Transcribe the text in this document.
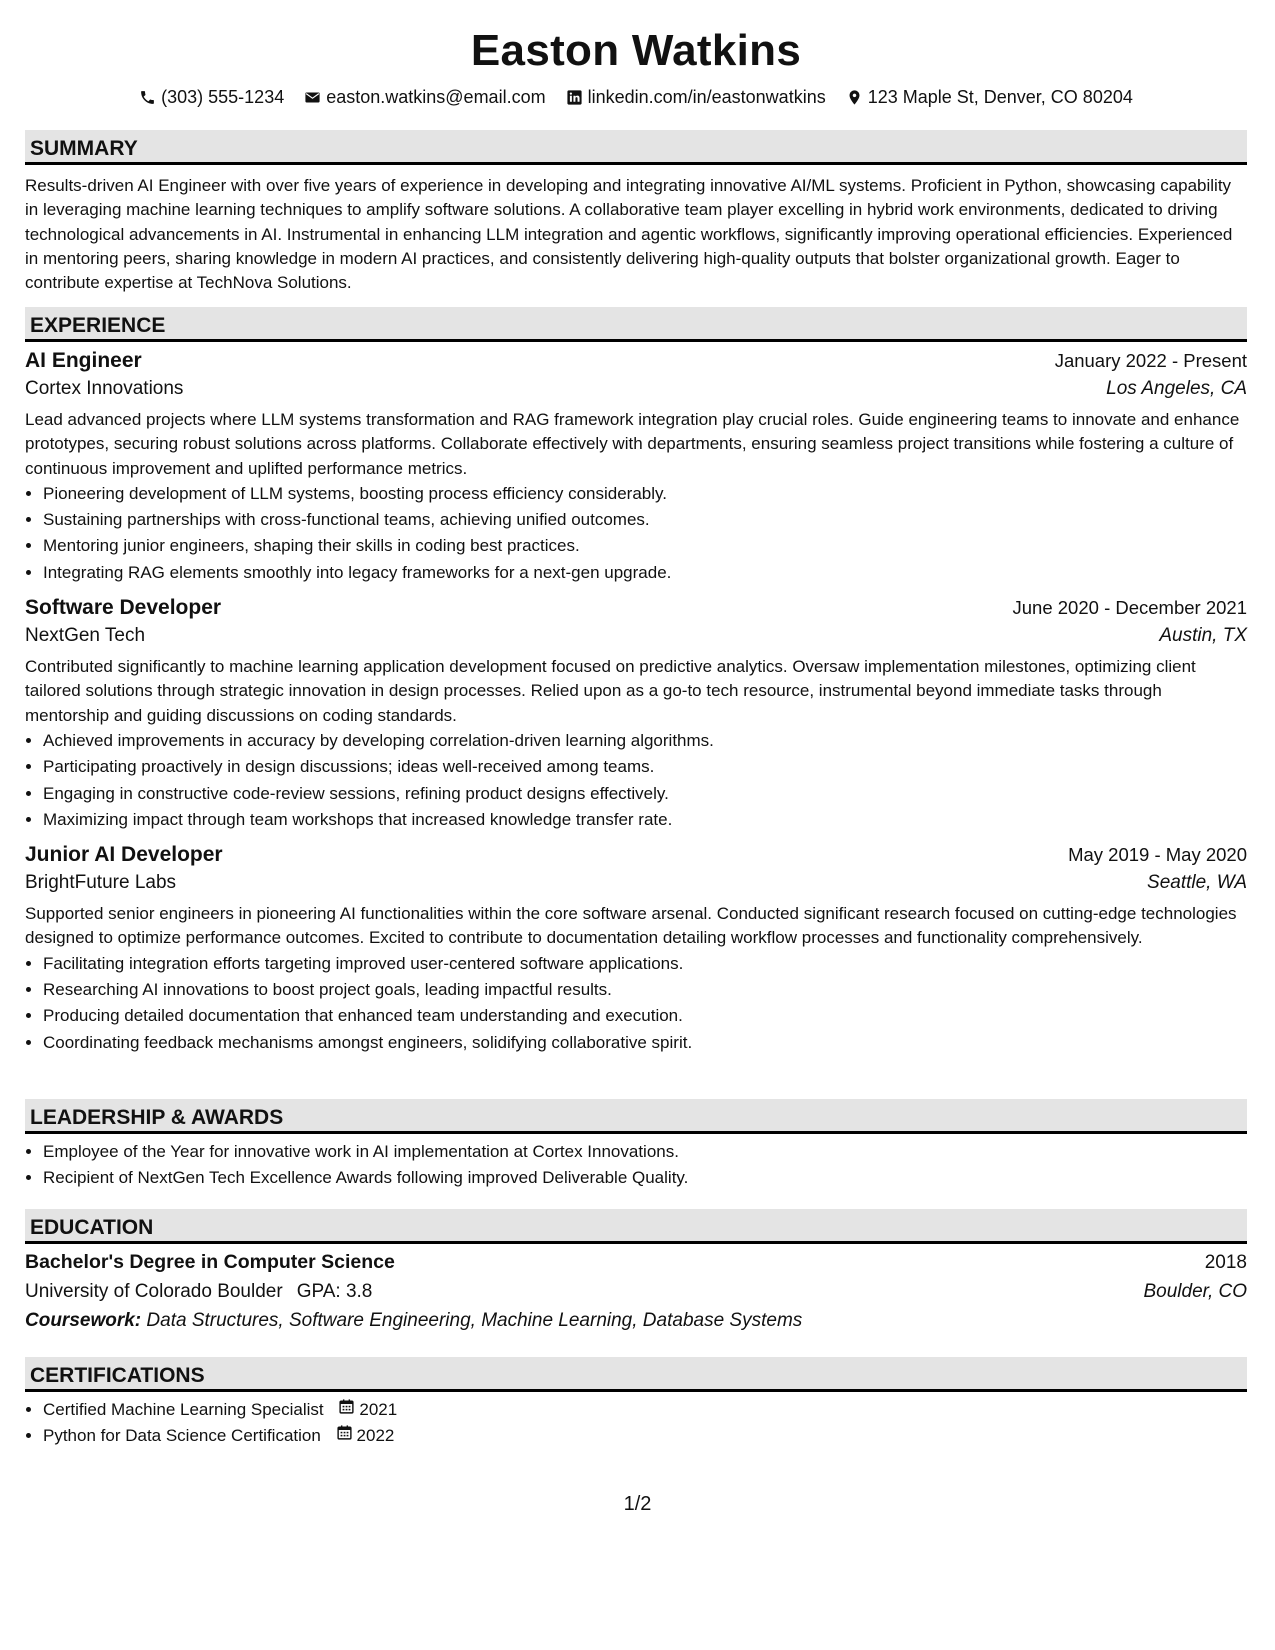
Easton Watkins
(303) 555-1234 easton.watkins@email.com linkedin.com/in/eastonwatkins 123 Maple St, Denver, CO 80204
SUMMARY
Results-driven AI Engineer with over five years of experience in developing and integrating innovative AI/ML systems. Proficient in Python, showcasing capability in leveraging machine learning techniques to amplify software solutions. A collaborative team player excelling in hybrid work environments, dedicated to driving technological advancements in AI. Instrumental in enhancing LLM integration and agentic workflows, significantly improving operational efficiencies. Experienced in mentoring peers, sharing knowledge in modern AI practices, and consistently delivering high-quality outputs that bolster organizational growth. Eager to contribute expertise at TechNova Solutions.
EXPERIENCE
AI Engineer	January 2022 - Present
Cortex Innovations	Los Angeles, CA
Lead advanced projects where LLM systems transformation and RAG framework integration play crucial roles. Guide engineering teams to innovate and enhance prototypes, securing robust solutions across platforms. Collaborate effectively with departments, ensuring seamless project transitions while fostering a culture of continuous improvement and uplifted performance metrics.
• Pioneering development of LLM systems, boosting process efficiency considerably.
• Sustaining partnerships with cross-functional teams, achieving unified outcomes.
• Mentoring junior engineers, shaping their skills in coding best practices.
• Integrating RAG elements smoothly into legacy frameworks for a next-gen upgrade.
Software Developer	June 2020 - December 2021
NextGen Tech	Austin, TX
Contributed significantly to machine learning application development focused on predictive analytics. Oversaw implementation milestones, optimizing client tailored solutions through strategic innovation in design processes. Relied upon as a go-to tech resource, instrumental beyond immediate tasks through mentorship and guiding discussions on coding standards.
• Achieved improvements in accuracy by developing correlation-driven learning algorithms.
• Participating proactively in design discussions; ideas well-received among teams.
• Engaging in constructive code-review sessions, refining product designs effectively.
• Maximizing impact through team workshops that increased knowledge transfer rate.
Junior AI Developer	May 2019 - May 2020
BrightFuture Labs	Seattle, WA
Supported senior engineers in pioneering AI functionalities within the core software arsenal. Conducted significant research focused on cutting-edge technologies designed to optimize performance outcomes. Excited to contribute to documentation detailing workflow processes and functionality comprehensively.
• Facilitating integration efforts targeting improved user-centered software applications.
• Researching AI innovations to boost project goals, leading impactful results.
• Producing detailed documentation that enhanced team understanding and execution.
• Coordinating feedback mechanisms amongst engineers, solidifying collaborative spirit.
LEADERSHIP & AWARDS
• Employee of the Year for innovative work in AI implementation at Cortex Innovations.
• Recipient of NextGen Tech Excellence Awards following improved Deliverable Quality.
EDUCATION
Bachelor's Degree in Computer Science	2018
University of Colorado Boulder GPA: 3.8	Boulder, CO
Coursework: Data Structures, Software Engineering, Machine Learning, Database Systems
CERTIFICATIONS
• Certified Machine Learning Specialist 2021
• Python for Data Science Certification 2022
1/2
